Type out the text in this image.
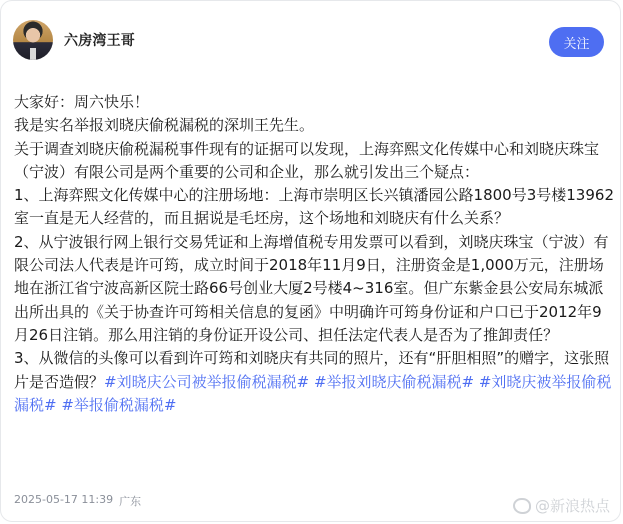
六房湾王哥	关注

大家好：周六快乐！

我是实名举报刘晓庆偷税漏税的深圳王先生。

关于调查刘晓庆偷税漏税事件现有的证据可以发现，上海弈熙文化传媒中心和刘晓庆珠宝（宁波）有限公司是两个重要的公司和企业，那么就引发出三个疑点：

1、上海弈熙文化传媒中心的注册场地：上海市崇明区长兴镇潘园公路1800号3号楼13962室一直是无人经营的，而且据说是毛坯房，这个场地和刘晓庆有什么关系？

2、从宁波银行网上银行交易凭证和上海增值税专用发票可以看到，刘晓庆珠宝（宁波）有限公司法人代表是许可筠，成立时间于2018年11月9日，注册资金是1,000万元，注册场地在浙江省宁波高新区院士路66号创业大厦2号楼4~316室。但广东紫金县公安局东城派出所出具的《关于协查许可筠相关信息的复函》中明确许可筠身份证和户口已于2012年9月26日注销。那么用注销的身份证开设公司、担任法定代表人是否为了推卸责任？

3、从微信的头像可以看到许可筠和刘晓庆有共同的照片，还有“肝胆相照”的赠字，这张照片是否造假？#刘晓庆公司被举报偷税漏税# #举报刘晓庆偷税漏税# #刘晓庆被举报偷税漏税# #举报偷税漏税#

2025-05-17 11:39 广东	@新浪热点
